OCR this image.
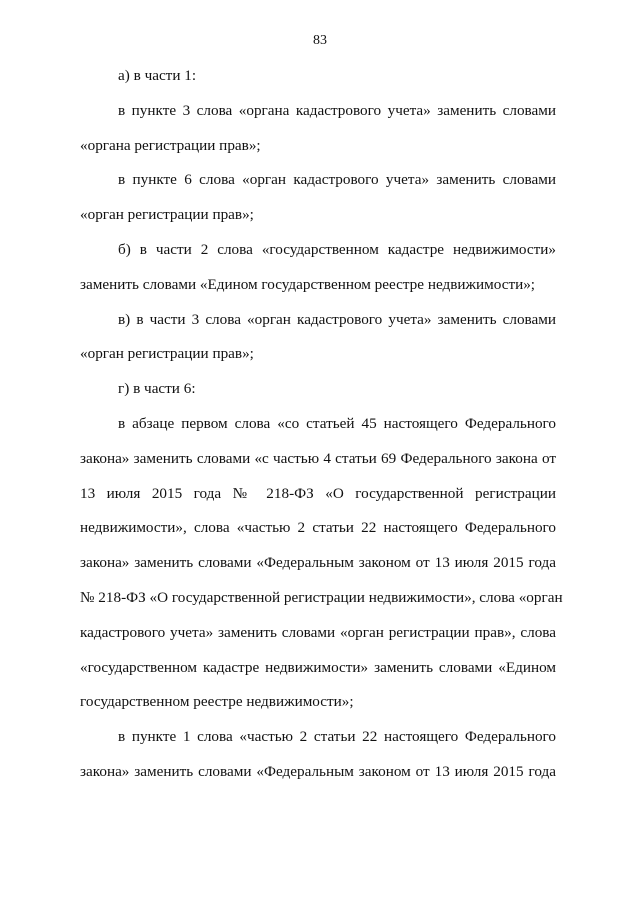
83
а) в части 1:
в пункте 3 слова «органа кадастрового учета» заменить словами
«органа регистрации прав»;
в пункте 6 слова «орган кадастрового учета» заменить словами
«орган регистрации прав»;
б) в части 2 слова «государственном кадастре недвижимости»
заменить словами «Едином государственном реестре недвижимости»;
в) в части 3 слова «орган кадастрового учета» заменить словами
«орган регистрации прав»;
г) в части 6:
в абзаце первом слова «со статьей 45 настоящего Федерального
закона» заменить словами «с частью 4 статьи 69 Федерального закона от
13 июля 2015 года № 218-ФЗ «О государственной регистрации
недвижимости», слова «частью 2 статьи 22 настоящего Федерального
закона» заменить словами «Федеральным законом от 13 июля 2015 года
№ 218-ФЗ «О государственной регистрации недвижимости», слова «орган
кадастрового учета» заменить словами «орган регистрации прав», слова
«государственном кадастре недвижимости» заменить словами «Едином
государственном реестре недвижимости»;
в пункте 1 слова «частью 2 статьи 22 настоящего Федерального
закона» заменить словами «Федеральным законом от 13 июля 2015 года
